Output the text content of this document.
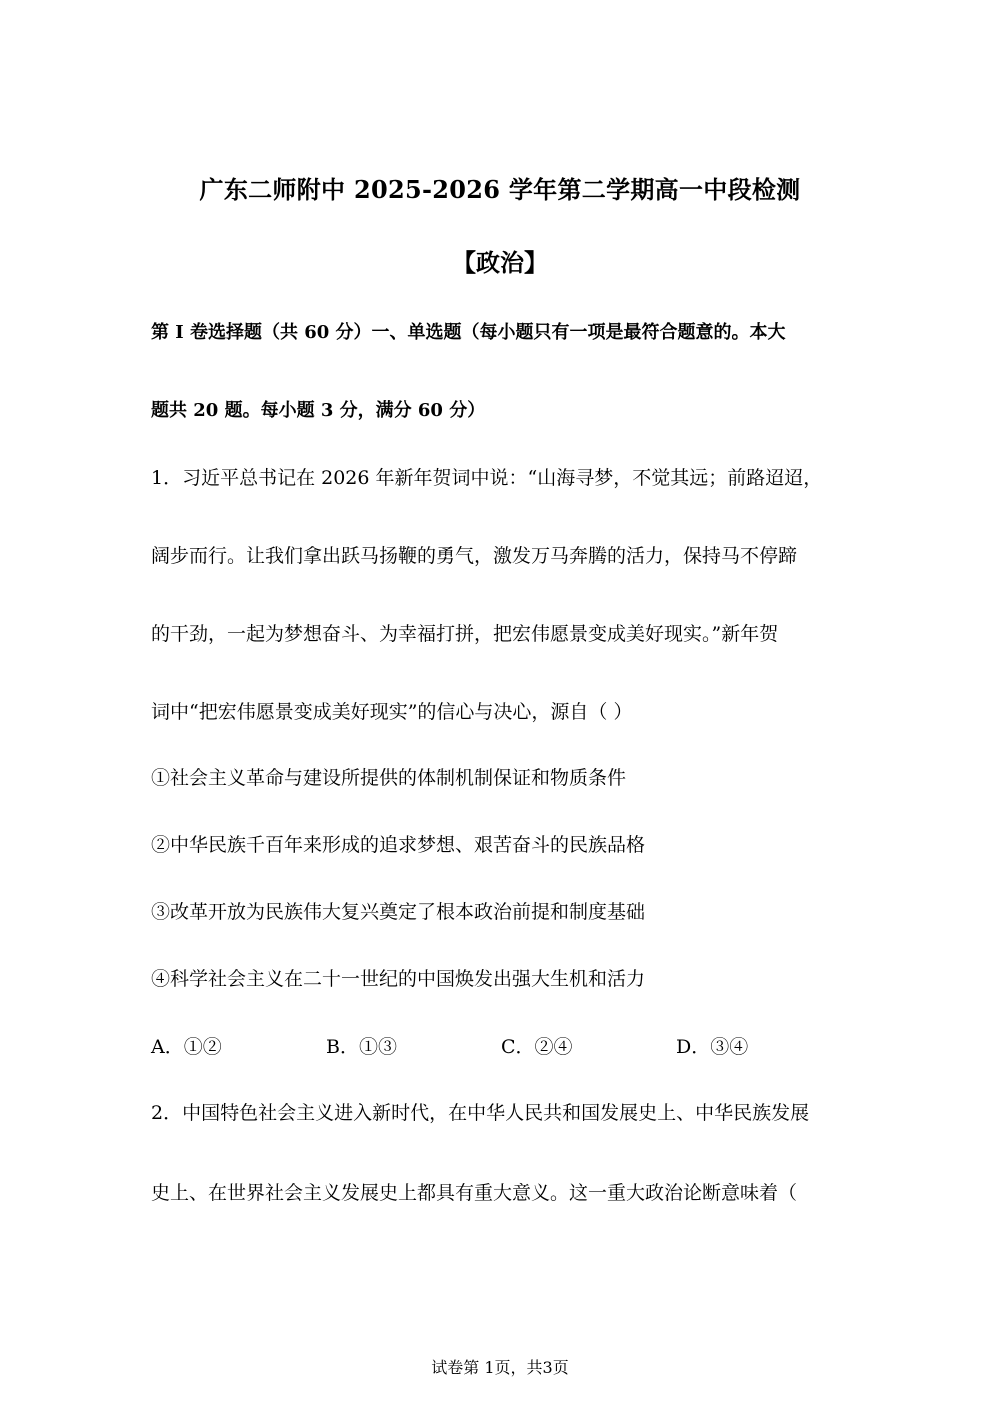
广东二师附中 2025-2026 学年第二学期高一中段检测
【政治】
第 I 卷选择题（共 60 分）一、单选题（每小题只有一项是最符合题意的。本大
题共 20 题。每小题 3 分，满分 60 分）
1．习近平总书记在 2026 年新年贺词中说：“山海寻梦，不觉其远；前路迢迢，
阔步而行。让我们拿出跃马扬鞭的勇气，激发万马奔腾的活力，保持马不停蹄
的干劲，一起为梦想奋斗、为幸福打拼，把宏伟愿景变成美好现实。”新年贺
词中“把宏伟愿景变成美好现实”的信心与决心，源自（ ）
①社会主义革命与建设所提供的体制机制保证和物质条件
②中华民族千百年来形成的追求梦想、艰苦奋斗的民族品格
③改革开放为民族伟大复兴奠定了根本政治前提和制度基础
④科学社会主义在二十一世纪的中国焕发出强大生机和活力
A．①②	B．①③	C．②④	D．③④
2．中国特色社会主义进入新时代，在中华人民共和国发展史上、中华民族发展
史上、在世界社会主义发展史上都具有重大意义。这一重大政治论断意味着（
试卷第 1页，共3页
